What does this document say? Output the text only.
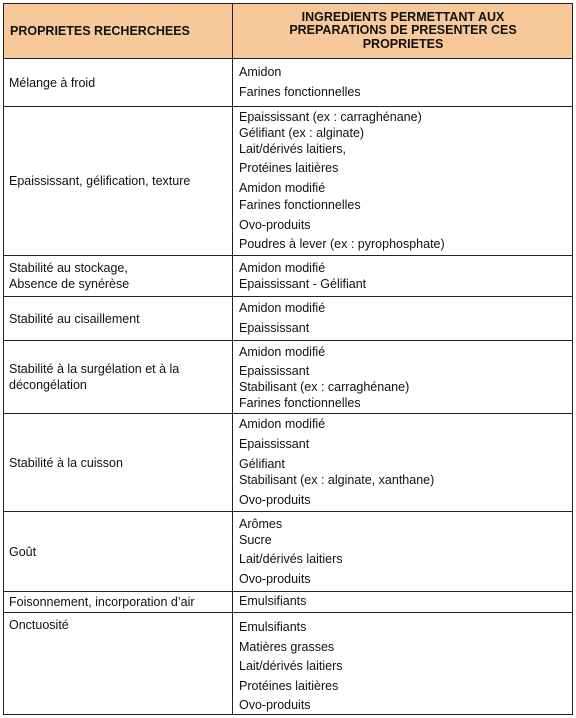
PROPRIETES RECHERCHEES
INGREDIENTS PERMETTANT AUX
PREPARATIONS DE PRESENTER CES
PROPRIETES
Mélange à froid
Amidon
Farines fonctionnelles
Epaississant, gélification, texture
Epaississant (ex : carraghénane)
Gélifiant (ex : alginate)
Lait/dérivés laitiers,
Protéines laitières
Amidon modifié
Farines fonctionnelles
Ovo-produits
Poudres à lever (ex : pyrophosphate)
Stabilité au stockage,
Absence de synérèse
Amidon modifié
Epaississant - Gélifiant
Stabilité au cisaillement
Amidon modifié
Epaississant
Stabilité à la surgélation et à la
décongélation
Amidon modifié
Epaississant
Stabilisant (ex : carraghénane)
Farines fonctionnelles
Stabilité à la cuisson
Amidon modifié
Epaississant
Gélifiant
Stabilisant (ex : alginate, xanthane)
Ovo-produits
Goût
Arômes
Sucre
Lait/dérivés laitiers
Ovo-produits
Foisonnement, incorporation d’air	Emulsifiants
Onctuosité	Emulsifiants
Matières grasses
Lait/dérivés laitiers
Protéines laitières
Ovo-produits
